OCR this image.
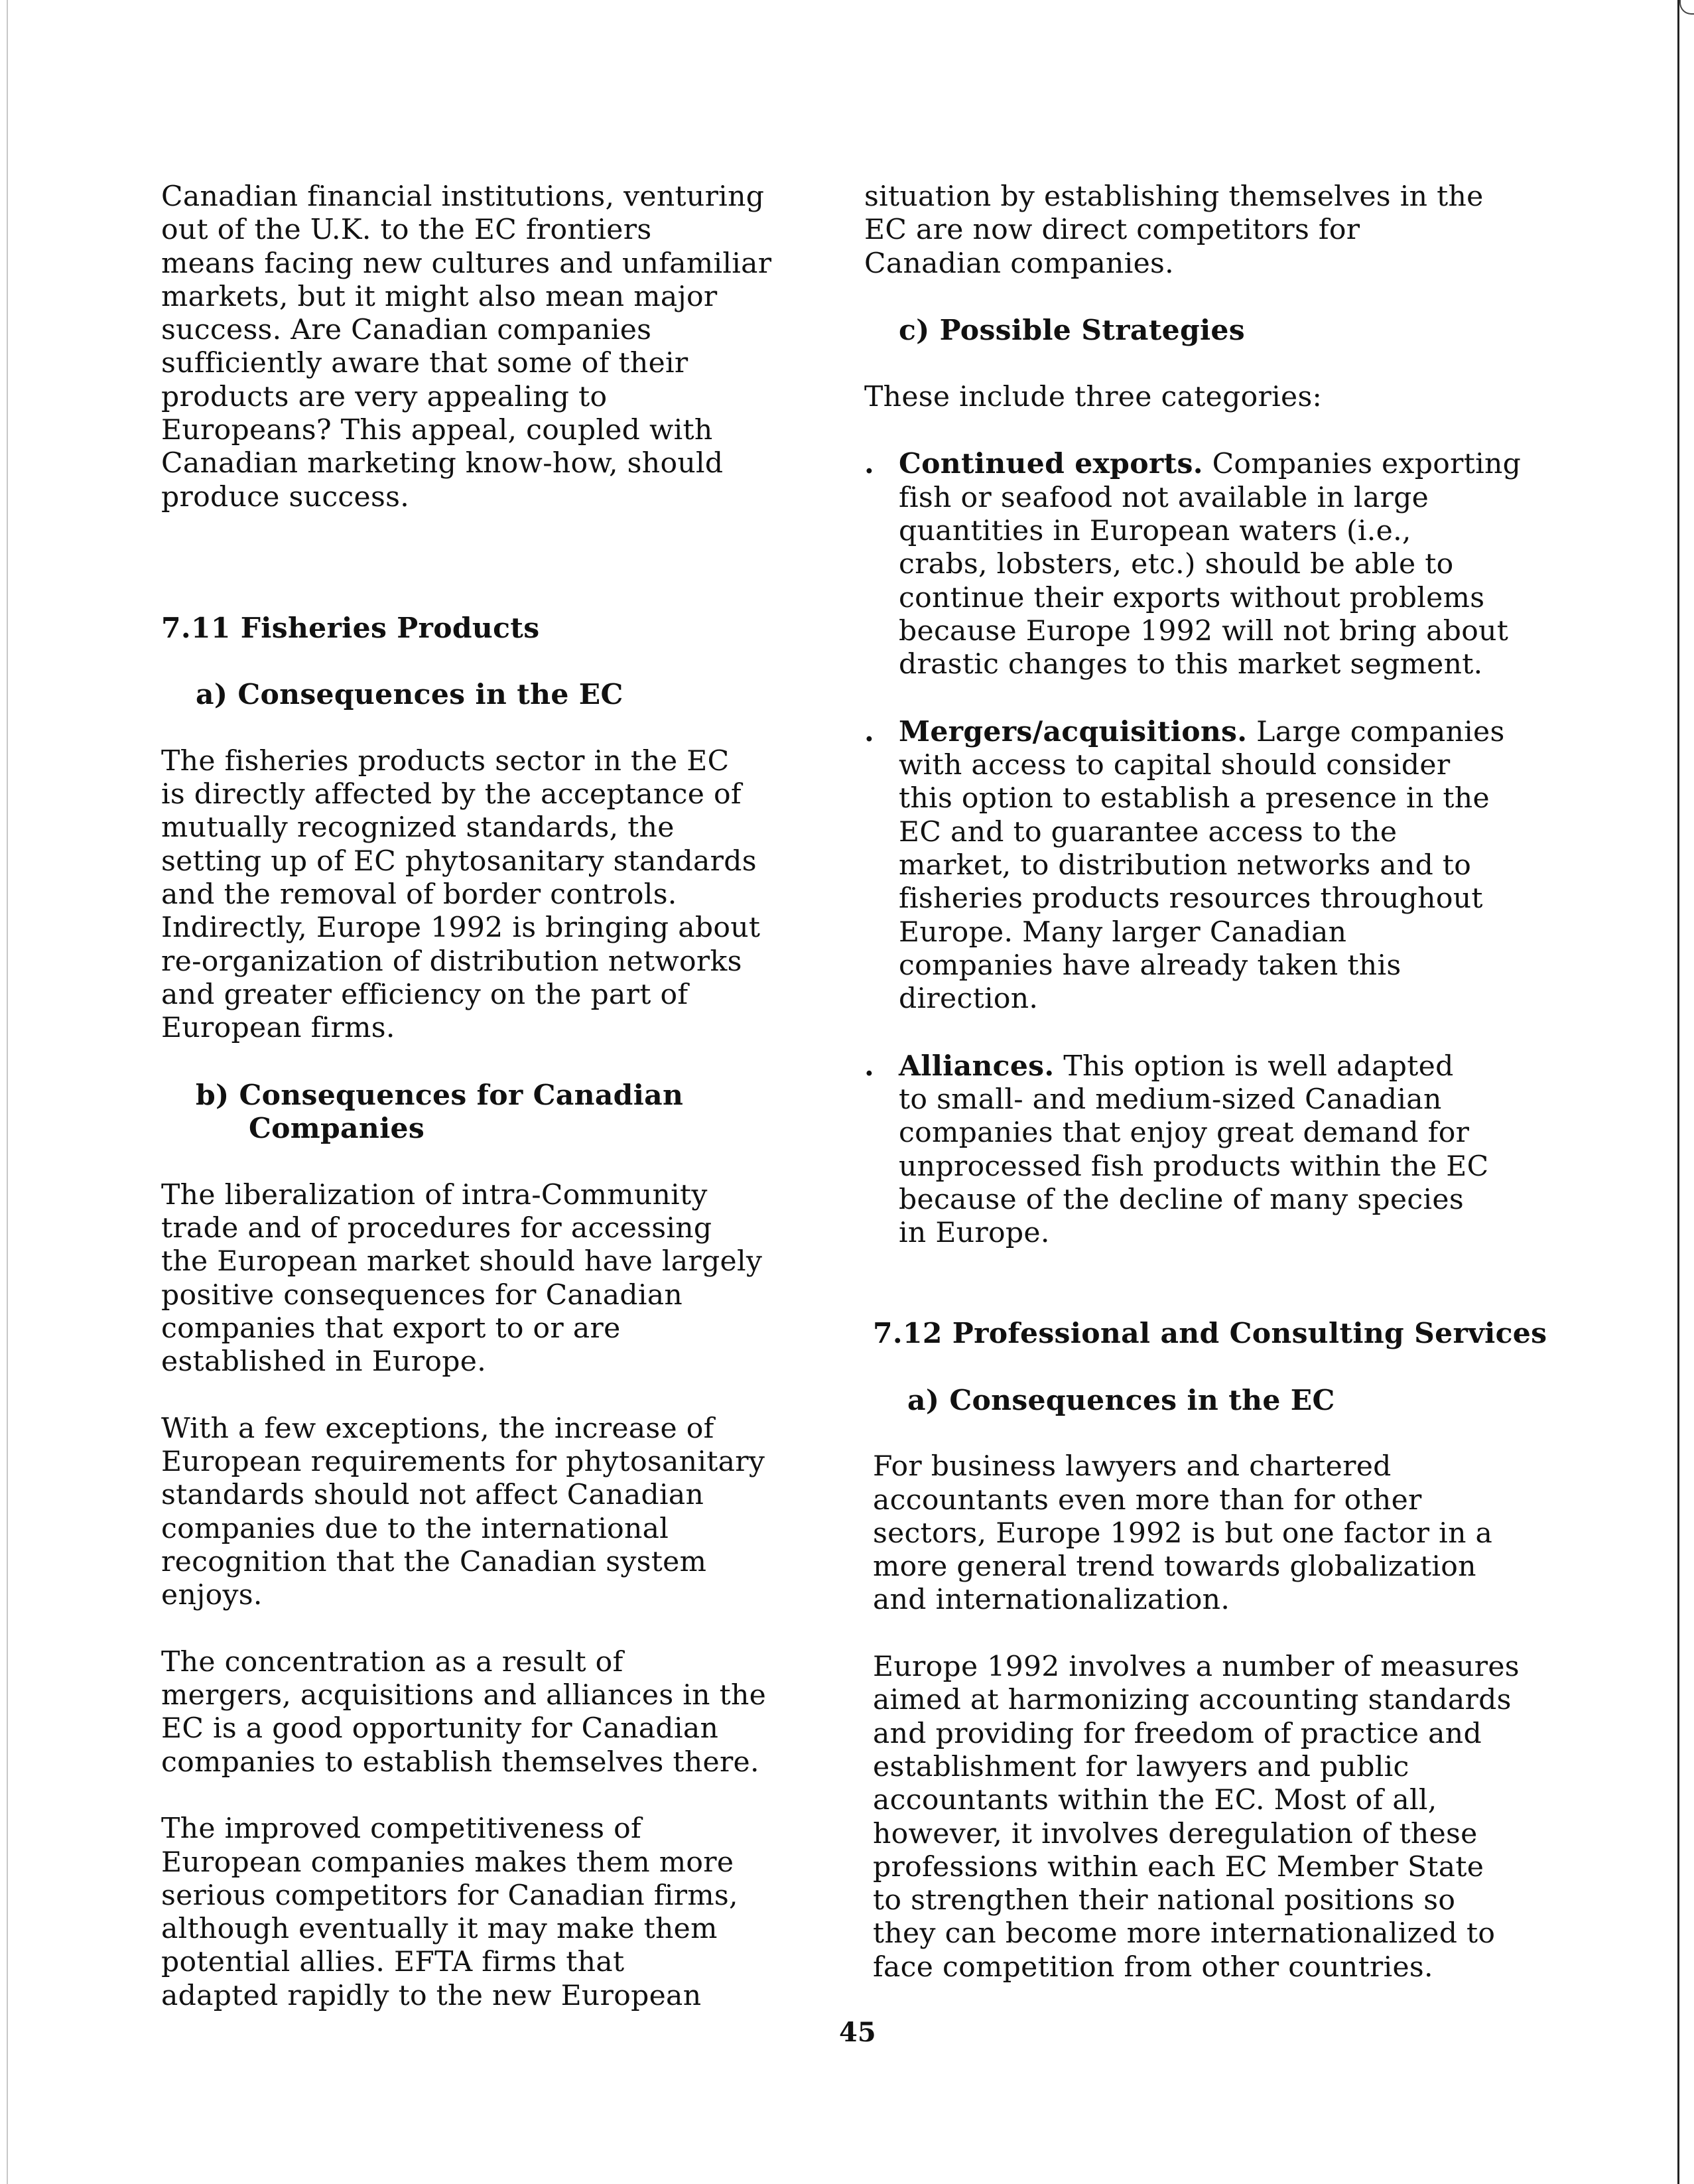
Canadian financial institutions, venturing
out of the U.K. to the EC frontiers
means facing new cultures and unfamiliar
markets, but it might also mean major
success. Are Canadian companies
sufficiently aware that some of their
products are very appealing to
Europeans? This appeal, coupled with
Canadian marketing know-how, should
produce success.

7.11 Fisheries Products

a) Consequences in the EC

The fisheries products sector in the EC
is directly affected by the acceptance of
mutually recognized standards, the
setting up of EC phytosanitary standards
and the removal of border controls.
Indirectly, Europe 1992 is bringing about
re-organization of distribution networks
and greater efficiency on the part of
European firms.

b) Consequences for Canadian
Companies

The liberalization of intra-Community
trade and of procedures for accessing
the European market should have largely
positive consequences for Canadian
companies that export to or are
established in Europe.

With a few exceptions, the increase of
European requirements for phytosanitary
standards should not affect Canadian
companies due to the international
recognition that the Canadian system
enjoys.

The concentration as a result of
mergers, acquisitions and alliances in the
EC is a good opportunity for Canadian
companies to establish themselves there.

The improved competitiveness of
European companies makes them more
serious competitors for Canadian firms,
although eventually it may make them
potential allies. EFTA firms that
adapted rapidly to the new European

situation by establishing themselves in the
EC are now direct competitors for
Canadian companies.

c) Possible Strategies

These include three categories:

. Continued exports. Companies exporting
fish or seafood not available in large
quantities in European waters (i.e.,
crabs, lobsters, etc.) should be able to
continue their exports without problems
because Europe 1992 will not bring about
drastic changes to this market segment.
. Mergers/acquisitions. Large companies
with access to capital should consider
this option to establish a presence in the
EC and to guarantee access to the
market, to distribution networks and to
fisheries products resources throughout
Europe. Many larger Canadian
companies have already taken this
direction.
. Alliances. This option is well adapted
to small- and medium-sized Canadian
companies that enjoy great demand for
unprocessed fish products within the EC
because of the decline of many species
in Europe.

7.12 Professional and Consulting Services

a) Consequences in the EC

For business lawyers and chartered
accountants even more than for other
sectors, Europe 1992 is but one factor in a
more general trend towards globalization
and internationalization.

Europe 1992 involves a number of measures
aimed at harmonizing accounting standards
and providing for freedom of practice and
establishment for lawyers and public
accountants within the EC. Most of all,
however, it involves deregulation of these
professions within each EC Member State
to strengthen their national positions so
they can become more internationalized to
face competition from other countries.

45
